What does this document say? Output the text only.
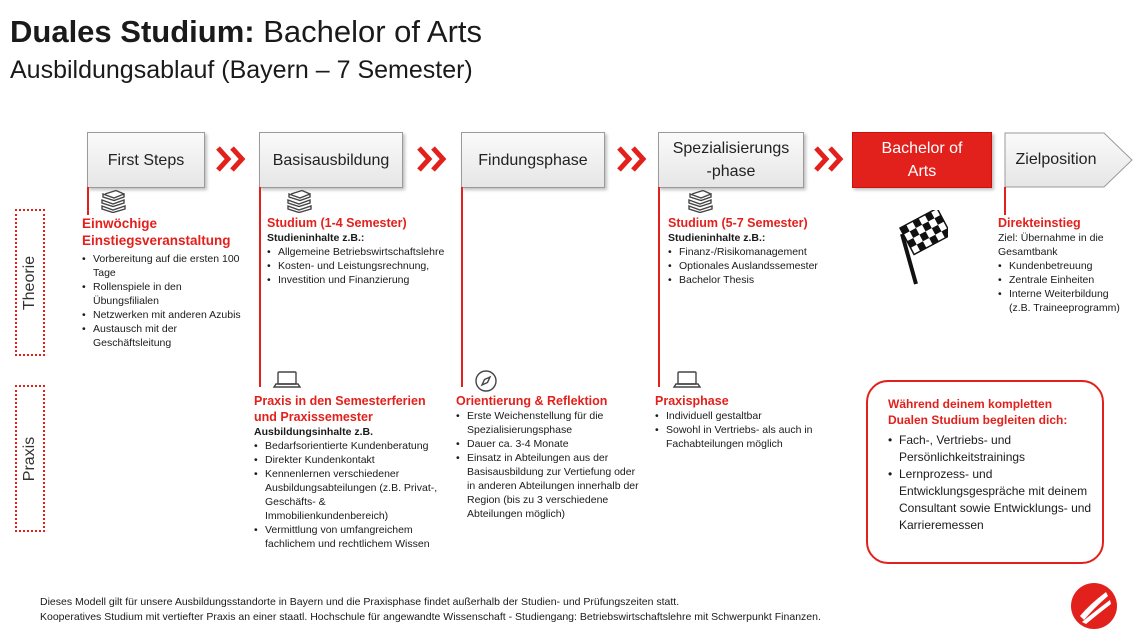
Duales Studium: Bachelor of Arts
Ausbildungsablauf (Bayern – 7 Semester)
First Steps	Basisausbildung	Findungsphase
Spezialisierungs -phase
Bachelor of Arts
Zielposition
Theorie
Praxis
Einwöchige Einstiegsveranstaltung
• Vorbereitung auf die ersten 100 Tage
• Rollenspiele in den Übungsfilialen
• Netzwerken mit anderen Azubis
• Austausch mit der Geschäftsleitung
Studium (1-4 Semester)
Studieninhalte z.B.:
• Allgemeine Betriebswirtschaftslehre
• Kosten- und Leistungsrechnung,
• Investition und Finanzierung
Studium (5-7 Semester)
Studieninhalte z.B.:
• Finanz-/Risikomanagement
• Optionales Auslandssemester
• Bachelor Thesis
Direkteinstieg
Ziel: Übernahme in die Gesamtbank
• Kundenbetreuung
• Zentrale Einheiten
• Interne Weiterbildung (z.B. Traineeprogramm)
Praxis in den Semesterferien und Praxissemester
Ausbildungsinhalte z.B.
• Bedarfsorientierte Kundenberatung
• Direkter Kundenkontakt
• Kennenlernen verschiedener Ausbildungsabteilungen (z.B. Privat-, Geschäfts- & Immobilienkundenbereich)
• Vermittlung von umfangreichem fachlichem und rechtlichem Wissen
Orientierung & Reflektion
• Erste Weichenstellung für die Spezialisierungsphase
• Dauer ca. 3-4 Monate
• Einsatz in Abteilungen aus der Basisausbildung zur Vertiefung oder in anderen Abteilungen innerhalb der Region (bis zu 3 verschiedene Abteilungen möglich)
Praxisphase
• Individuell gestaltbar
• Sowohl in Vertriebs- als auch in Fachabteilungen möglich
Während deinem kompletten Dualen Studium begleiten dich:
• Fach-, Vertriebs- und Persönlichkeitstrainings
• Lernprozess- und Entwicklungsgespräche mit deinem Consultant sowie Entwicklungs- und Karrieremessen
Dieses Modell gilt für unsere Ausbildungsstandorte in Bayern und die Praxisphase findet außerhalb der Studien- und Prüfungszeiten statt.
Kooperatives Studium mit vertiefter Praxis an einer staatl. Hochschule für angewandte Wissenschaft - Studiengang: Betriebswirtschaftslehre mit Schwerpunkt Finanzen.
